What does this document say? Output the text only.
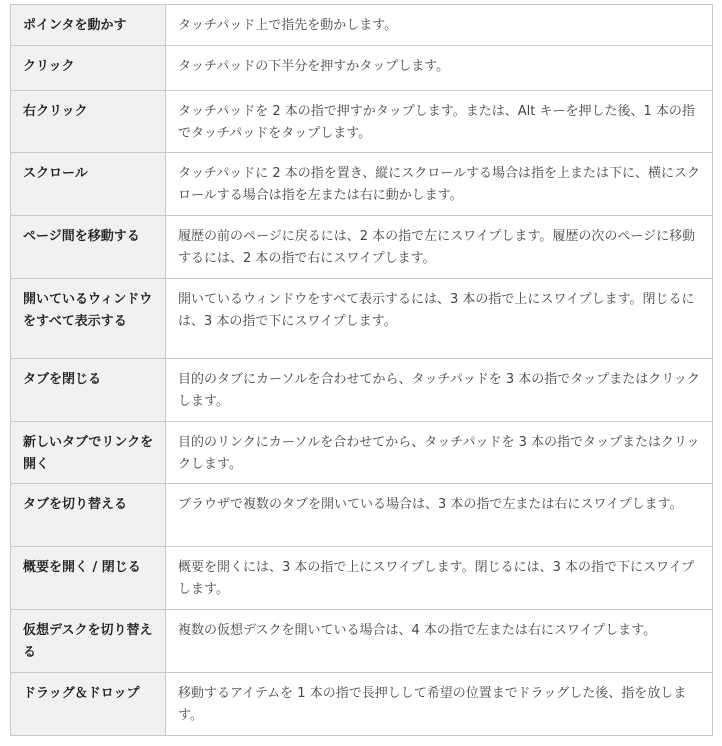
ポインタを動かす	タッチパッド上で指先を動かします。

クリック	タッチパッドの下半分を押すかタップします。

右クリック	タッチパッドを 2 本の指で押すかタップします。または、Alt キーを押した後、1 本の指でタッチパッドをタップします。

スクロール	タッチパッドに 2 本の指を置き、縦にスクロールする場合は指を上または下に、横にスクロールする場合は指を左または右に動かします。

ページ間を移動する	履歴の前のページに戻るには、2 本の指で左にスワイプします。履歴の次のページに移動するには、2 本の指で右にスワイプします。

開いているウィンドウをすべて表示する	開いているウィンドウをすべて表示するには、3 本の指で上にスワイプします。閉じるには、3 本の指で下にスワイプします。

タブを閉じる	目的のタブにカーソルを合わせてから、タッチパッドを 3 本の指でタップまたはクリックします。

新しいタブでリンクを開く	目的のリンクにカーソルを合わせてから、タッチパッドを 3 本の指でタップまたはクリックします。

タブを切り替える	ブラウザで複数のタブを開いている場合は、3 本の指で左または右にスワイプします。

概要を開く / 閉じる	概要を開くには、3 本の指で上にスワイプします。閉じるには、3 本の指で下にスワイプします。

仮想デスクを切り替える	複数の仮想デスクを開いている場合は、4 本の指で左または右にスワイプします。

ドラッグ＆ドロップ	移動するアイテムを 1 本の指で長押しして希望の位置までドラッグした後、指を放します。
